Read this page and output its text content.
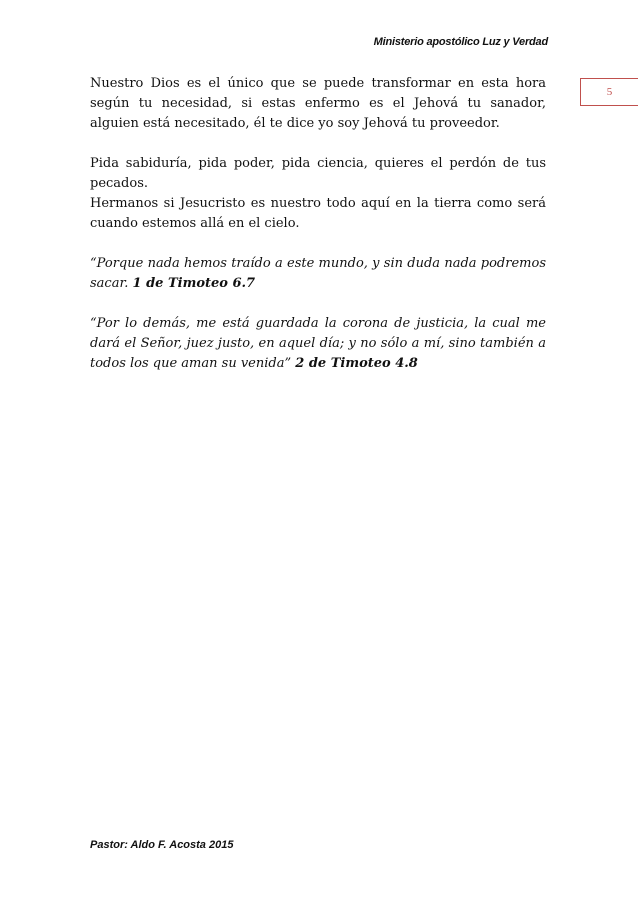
Ministerio apostólico Luz y Verdad
5

Nuestro Dios es el único que se puede transformar en esta hora según tu necesidad, si estas enfermo es el Jehová tu sanador, alguien está necesitado, él te dice yo soy Jehová tu proveedor.

Pida sabiduría, pida poder, pida ciencia, quieres el perdón de tus pecados.

Hermanos si Jesucristo es nuestro todo aquí en la tierra como será cuando estemos allá en el cielo.

“Porque nada hemos traído a este mundo, y sin duda nada podremos sacar. 1 de Timoteo 6.7

“Por lo demás, me está guardada la corona de justicia, la cual me dará el Señor, juez justo, en aquel día; y no sólo a mí, sino también a todos los que aman su venida” 2 de Timoteo 4.8

Pastor: Aldo F. Acosta 2015
